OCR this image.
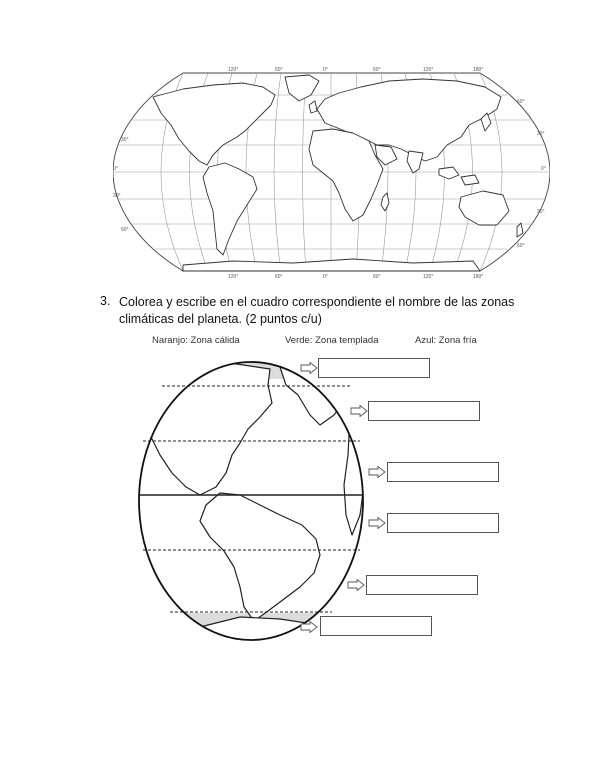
120°	60°	0°	60°	120°	180°
120°	60°	0°	60°	120°	180°
30°
0°
30°
60°
60°
30°
0°
30°
60°
3. Colorea y escribe en el cuadro correspondiente el nombre de las zonas climáticas del planeta. (2 puntos c/u)
Naranjo: Zona cálida	Verde: Zona templada	Azul: Zona fría
